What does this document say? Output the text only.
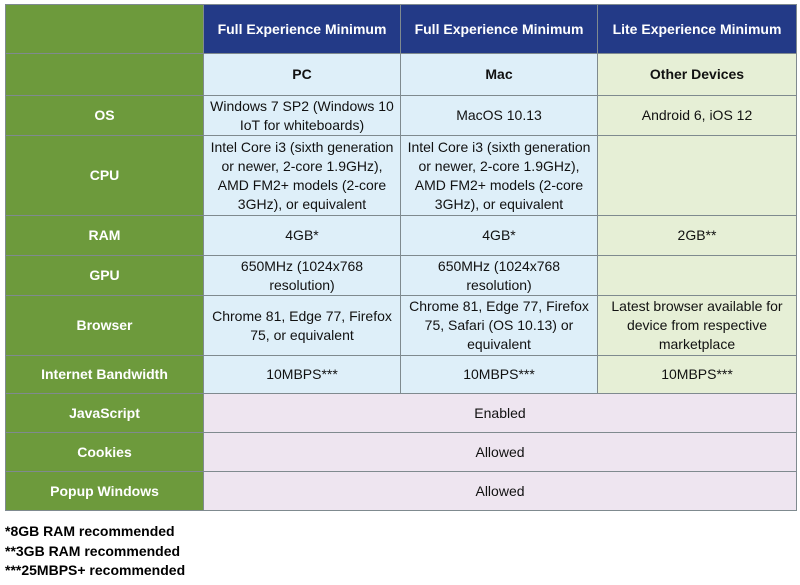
	Full Experience Minimum	Full Experience Minimum	Lite Experience Minimum
	PC	Mac	Other Devices
OS	Windows 7 SP2 (Windows 10 IoT for whiteboards)	MacOS 10.13	Android 6, iOS 12
CPU	Intel Core i3 (sixth generation or newer, 2-core 1.9GHz), AMD FM2+ models (2-core 3GHz), or equivalent	Intel Core i3 (sixth generation or newer, 2-core 1.9GHz), AMD FM2+ models (2-core 3GHz), or equivalent	
RAM	4GB*	4GB*	2GB**
GPU	650MHz (1024x768 resolution)	650MHz (1024x768 resolution)	
Browser	Chrome 81, Edge 77, Firefox 75, or equivalent	Chrome 81, Edge 77, Firefox 75, Safari (OS 10.13) or equivalent	Latest browser available for device from respective marketplace
Internet Bandwidth	10MBPS***	10MBPS***	10MBPS***
JavaScript	Enabled		
Cookies	Allowed		
Popup Windows	Allowed		
*8GB RAM recommended
**3GB RAM recommended
***25MBPS+ recommended
